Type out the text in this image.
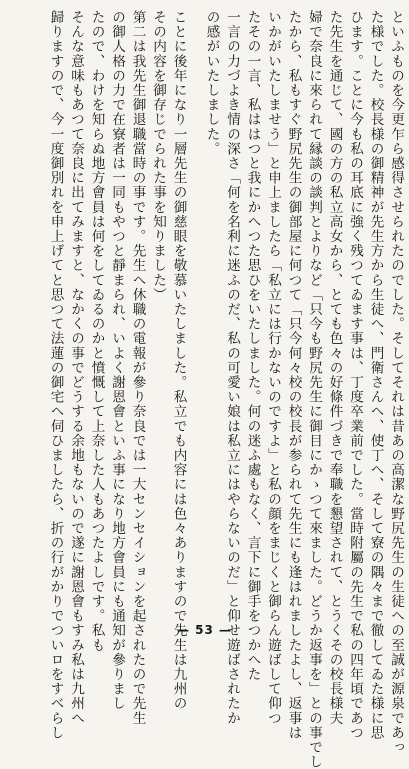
といふものを今更乍ら感得させられたのでした。そしてそれは昔あの高潔な野尻先生の生徒への至誠が源泉であっ
た様でした。校長様の御精神が先生方から生徒へ、門衛さんへ、使丁へ、そして寮の隅々まで徹してゐた様に思
ひます。ことに今も私の耳底に強く残つてゐます事は、丁度卒業前でした。當時附屬の先生で私の四年頃であつ
た先生を通じて、國の方の私立高女から、とても色々の好條件づきで奉職を懇望されて、とうくその校長様夫
婦で奈良に來られて縁談の談判とよりなど「只今も野尻先生に御目にかゝつて來ました。どうか返事を」との事でし
たから、私もすぐ野尻先生の御部屋に何つて「只今何々校の校長が参られて先生にも逢はれましたよし、返事は
いかがいたしませう」と申上ましたら「私立には行かないのですよ」と私の顔をまじくと御らん遊ばして仰つ
たその一言、私ははつと我にかへつた思ひをいたしました。何の迷ふ處もなく、言下に御手をつかへた
一言の力づよき情の深さ「何を名利に迷ふのだ、私の可愛い娘は私立にはやらないのだ」と仰せ遊ばされたか
の感がいたしました。
ことに後年になり一層先生の御慈眼を敬慕いたしました。私立でも内容には色々ありますので先生は九州の
その内容を御存じでられた事を知りました）
第二は我先生御退職當時の事です。先生へ休職の電報が參り奈良では一大センセイションを起されたので先生
の御人格の力で在寮者は一同もやつと靜まられ、いよく謝恩會といふ事になり地方會員にも通知が參りまし
たので、わけを知らぬ地方會員は何をしてゐるのかと憤慨して上奈した人もあつたよしです。私も
そんな意味もあつて奈良に出てみますと、なかくの事でどうする余地もないので遂に謝恩會もすみ私は九州へ
歸りますので、今一度御別れを申上げてと思つて法蓮の御宅へ伺ひましたら、折の行がかりでついロをすべらし	— 53 —
